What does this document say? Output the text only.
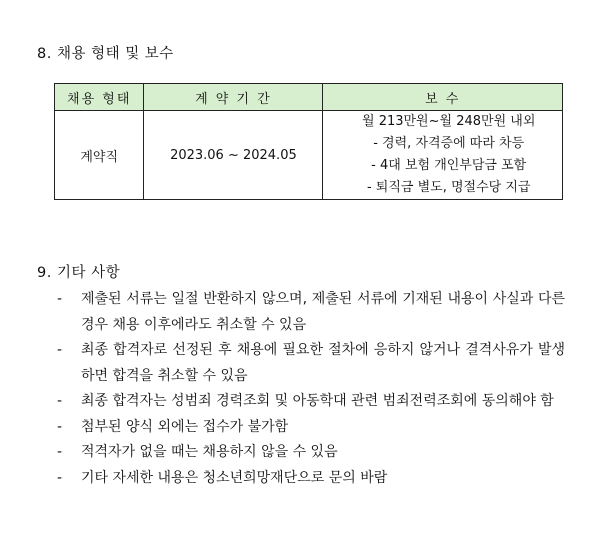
8. 채용 형태 및 보수
채용 형태	계 약 기 간	보 수
계약직	2023.06 ~ 2024.05	월 213만원~월 248만원 내외
- 경력, 자격증에 따라 차등
- 4대 보험 개인부담금 포함
- 퇴직금 별도, 명절수당 지급
9. 기타 사항
- 제출된 서류는 일절 반환하지 않으며, 제출된 서류에 기재된 내용이 사실과 다른 경우 채용 이후에라도 취소할 수 있음
- 최종 합격자로 선정된 후 채용에 필요한 절차에 응하지 않거나 결격사유가 발생하면 합격을 취소할 수 있음
- 최종 합격자는 성범죄 경력조회 및 아동학대 관련 범죄전력조회에 동의해야 함
- 첨부된 양식 외에는 접수가 불가함
- 적격자가 없을 때는 채용하지 않을 수 있음
- 기타 자세한 내용은 청소년희망재단으로 문의 바람
